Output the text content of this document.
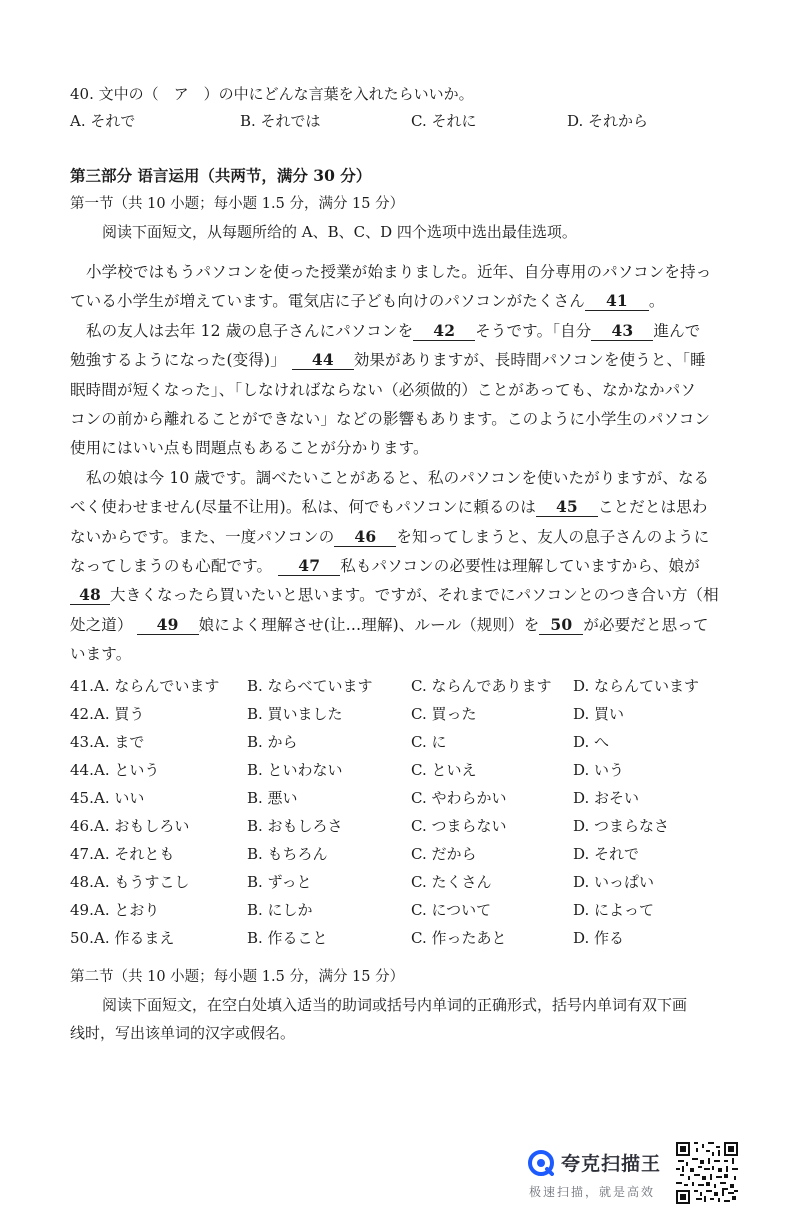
40. 文中の（　ア　）の中にどんな言葉を入れたらいいか。
A. それで	B. それでは	C. それに	D. それから
第三部分 语言运用（共两节，满分 30 分）
第一节（共 10 小题；每小题 1.5 分，满分 15 分）
阅读下面短文，从每题所给的 A、B、C、D 四个选项中选出最佳选项。
小学校ではもうパソコンを使った授業が始まりました。近年、自分専用のパソコンを持っ
ている小学生が増えています。電気店に子ども向けのパソコンがたくさん 41 。
私の友人は去年 12 歳の息子さんにパソコンを 42 そうです。「自分 43 進んで
勉強するようになった(变得)」 44 効果がありますが、長時間パソコンを使うと、「睡
眠時間が短くなった」、「しなければならない（必须做的）ことがあっても、なかなかパソ
コンの前から離れることができない」などの影響もあります。このように小学生のパソコン
使用にはいい点も問題点もあることが分かります。
私の娘は今 10 歳です。調べたいことがあると、私のパソコンを使いたがりますが、なる
べく使わせません(尽量不让用)。私は、何でもパソコンに頼るのは 45 ことだとは思わ
ないからです。また、一度パソコンの 46 を知ってしまうと、友人の息子さんのように
なってしまうのも心配です。 47 私もパソコンの必要性は理解していますから、娘が
48 大きくなったら買いたいと思います。ですが、それまでにパソコンとのつき合い方（相
处之道） 49 娘によく理解させ(让…理解)、ルール（规则）を 50 が必要だと思って
います。
41. A. ならんでいます B. ならべています	C. ならんであります D. ならんています
42. A. 買う	B. 買いました	C. 買った	D. 買い
43. A. まで	B. から	C. に	D. へ
44. A. という	B. といわない	C. といえ	D. いう
45. A. いい	B. 悪い	C. やわらかい	D. おそい
46. A. おもしろい	B. おもしろさ	C. つまらない	D. つまらなさ
47. A. それとも	B. もちろん	C. だから	D. それで
48. A. もうすこし	B. ずっと	C. たくさん	D. いっぱい
49. A. とおり	B. にしか	C. について	D. によって
50. A. 作るまえ	B. 作ること	C. 作ったあと	D. 作る
第二节（共 10 小题；每小题 1.5 分，满分 15 分）
阅读下面短文，在空白处填入适当的助词或括号内单词的正确形式，括号内单词有双下画
线时，写出该单词的汉字或假名。
夸克扫描王
极速扫描，就是高效
